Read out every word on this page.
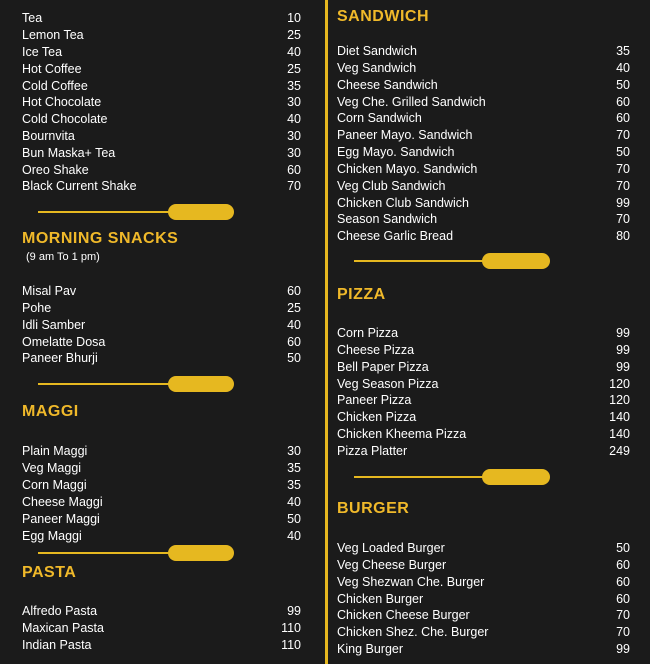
Tea	10
Lemon Tea	25
Ice Tea	40
Hot Coffee	25
Cold Coffee	35
Hot Chocolate	30
Cold Chocolate	40
Bournvita	30
Bun Maska+ Tea	30
Oreo Shake	60
Black Current Shake	70
MORNING SNACKS
(9 am To 1 pm)
Misal Pav	60
Pohe	25
Idli Samber	40
Omelatte Dosa	60
Paneer Bhurji	50
MAGGI
Plain Maggi	30
Veg Maggi	35
Corn Maggi	35
Cheese Maggi	40
Paneer Maggi	50
Egg Maggi	40
PASTA
Alfredo Pasta	99
Maxican Pasta	110
Indian Pasta	110
SANDWICH
Diet Sandwich	35
Veg Sandwich	40
Cheese Sandwich	50
Veg Che. Grilled Sandwich	60
Corn Sandwich	60
Paneer Mayo. Sandwich	70
Egg Mayo. Sandwich	50
Chicken Mayo. Sandwich	70
Veg Club Sandwich	70
Chicken Club Sandwich	99
Season Sandwich	70
Cheese Garlic Bread	80
PIZZA
Corn Pizza	99
Cheese Pizza	99
Bell Paper Pizza	99
Veg Season Pizza	120
Paneer Pizza	120
Chicken Pizza	140
Chicken Kheema Pizza	140
Pizza Platter	249
BURGER
Veg Loaded Burger	50
Veg Cheese Burger	60
Veg Shezwan Che. Burger	60
Chicken Burger	60
Chicken Cheese Burger	70
Chicken Shez. Che. Burger	70
King Burger	99
